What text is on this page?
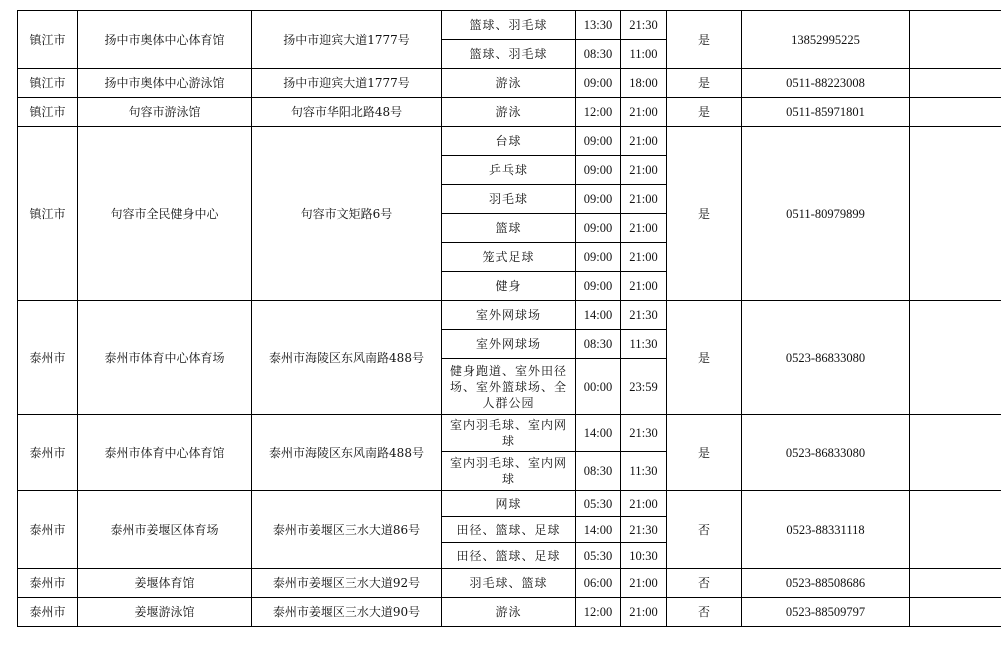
镇江市	扬中市奥体中心体育馆	扬中市迎宾大道1777号	篮球、羽毛球	13:30	21:30	是	13852995225	
			篮球、羽毛球	08:30	11:00			
镇江市	扬中市奥体中心游泳馆	扬中市迎宾大道1777号	游泳	09:00	18:00	是	0511-88223008	
镇江市	句容市游泳馆	句容市华阳北路48号	游泳	12:00	21:00	是	0511-85971801	
镇江市	句容市全民健身中心	句容市文矩路6号	台球	09:00	21:00	是	0511-80979899	
			乒乓球	09:00	21:00			
			羽毛球	09:00	21:00			
			篮球	09:00	21:00			
			笼式足球	09:00	21:00			
			健身	09:00	21:00			
泰州市	泰州市体育中心体育场	泰州市海陵区东风南路488号	室外网球场	14:00	21:30	是	0523-86833080	
			室外网球场	08:30	11:30			
			健身跑道、室外田径场、室外篮球场、全人群公园	00:00	23:59			
泰州市	泰州市体育中心体育馆	泰州市海陵区东风南路488号	室内羽毛球、室内网球	14:00	21:30	是	0523-86833080	
			室内羽毛球、室内网球	08:30	11:30			
泰州市	泰州市姜堰区体育场	泰州市姜堰区三水大道86号	网球	05:30	21:00	否	0523-88331118	
			田径、篮球、足球	14:00	21:30			
			田径、篮球、足球	05:30	10:30			
泰州市	姜堰体育馆	泰州市姜堰区三水大道92号	羽毛球、篮球	06:00	21:00	否	0523-88508686	
泰州市	姜堰游泳馆	泰州市姜堰区三水大道90号	游泳	12:00	21:00	否	0523-88509797	
